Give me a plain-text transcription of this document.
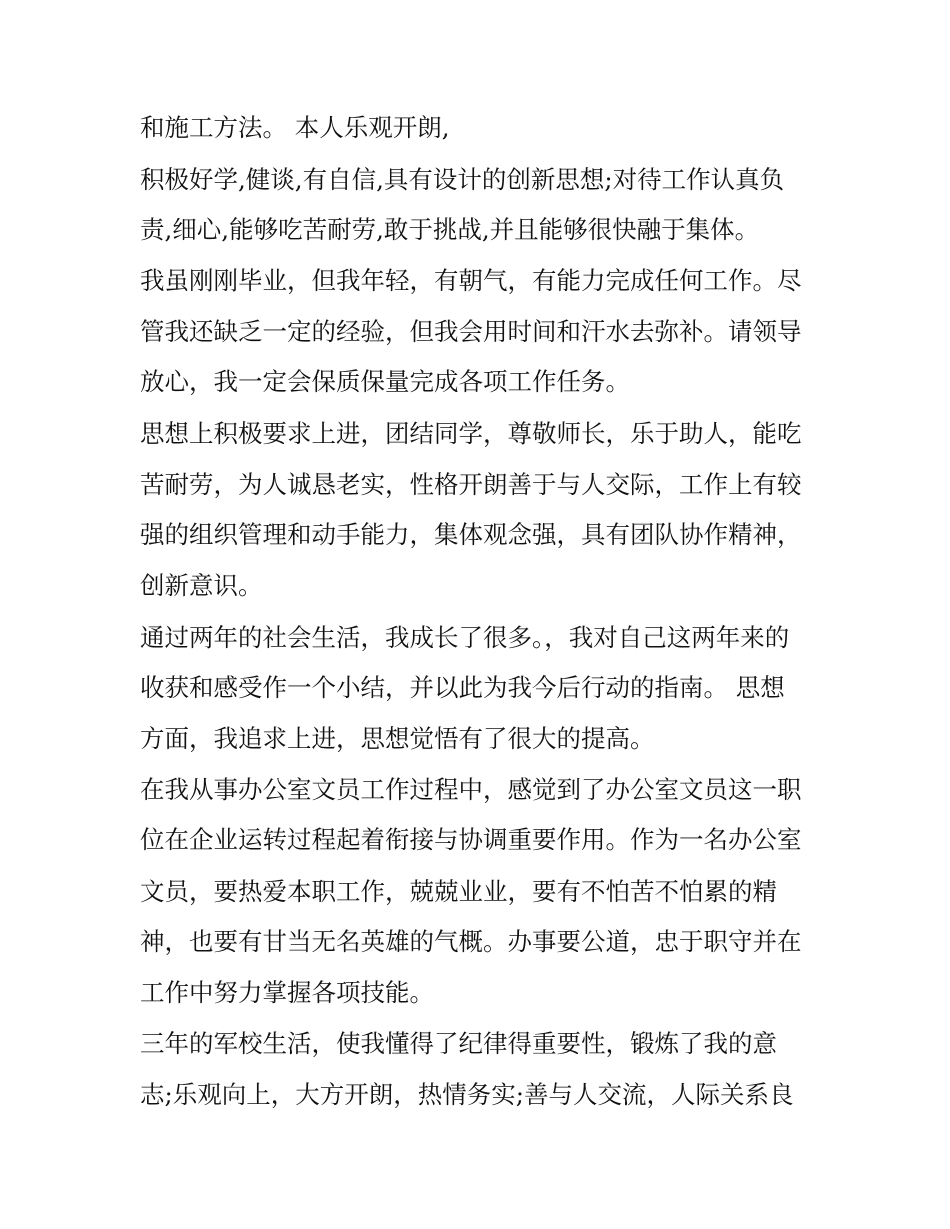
和施工方法。 本人乐观开朗,
积极好学,健谈,有自信,具有设计的创新思想;对待工作认真负
责,细心,能够吃苦耐劳,敢于挑战,并且能够很快融于集体。
我虽刚刚毕业，但我年轻，有朝气，有能力完成任何工作。尽
管我还缺乏一定的经验，但我会用时间和汗水去弥补。请领导
放心，我一定会保质保量完成各项工作任务。
思想上积极要求上进，团结同学，尊敬师长，乐于助人，能吃
苦耐劳，为人诚恳老实，性格开朗善于与人交际，工作上有较
强的组织管理和动手能力，集体观念强，具有团队协作精神，
创新意识。
通过两年的社会生活，我成长了很多。，我对自己这两年来的
收获和感受作一个小结，并以此为我今后行动的指南。 思想
方面，我追求上进，思想觉悟有了很大的提高。
在我从事办公室文员工作过程中，感觉到了办公室文员这一职
位在企业运转过程起着衔接与协调重要作用。作为一名办公室
文员，要热爱本职工作，兢兢业业，要有不怕苦不怕累的精
神，也要有甘当无名英雄的气概。办事要公道，忠于职守并在
工作中努力掌握各项技能。
三年的军校生活，使我懂得了纪律得重要性，锻炼了我的意
志;乐观向上，大方开朗，热情务实;善与人交流，人际关系良
